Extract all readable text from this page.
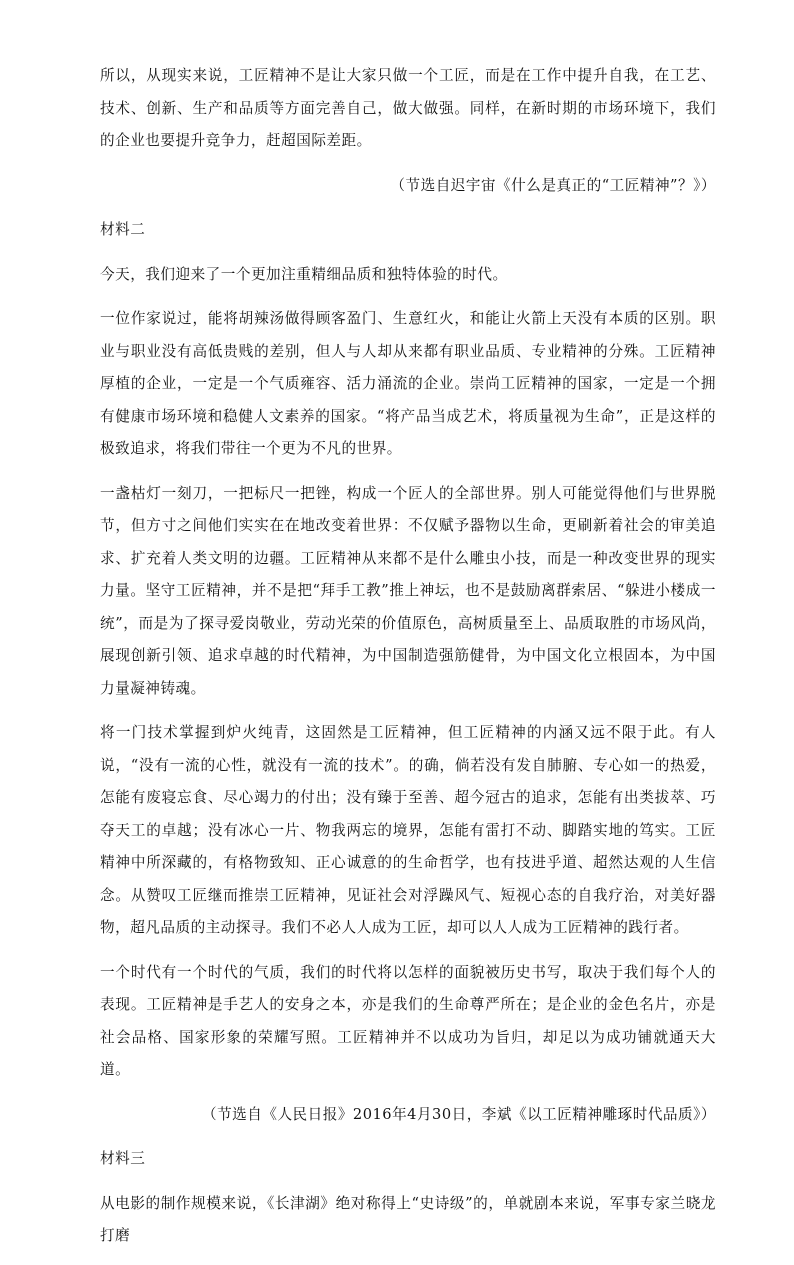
所以，从现实来说，工匠精神不是让大家只做一个工匠，而是在工作中提升自我，在工艺、技术、创新、生产和品质等方面完善自己，做大做强。同样，在新时期的市场环境下，我们的企业也要提升竞争力，赶超国际差距。

（节选自迟宇宙《什么是真正的“工匠精神”？》）

材料二

今天，我们迎来了一个更加注重精细品质和独特体验的时代。

一位作家说过，能将胡辣汤做得顾客盈门、生意红火，和能让火箭上天没有本质的区别。职业与职业没有高低贵贱的差别，但人与人却从来都有职业品质、专业精神的分殊。工匠精神厚植的企业，一定是一个气质雍容、活力涌流的企业。崇尚工匠精神的国家，一定是一个拥有健康市场环境和稳健人文素养的国家。“将产品当成艺术，将质量视为生命”，正是这样的极致追求，将我们带往一个更为不凡的世界。

一盏枯灯一刻刀，一把标尺一把锉，构成一个匠人的全部世界。别人可能觉得他们与世界脱节，但方寸之间他们实实在在地改变着世界：不仅赋予器物以生命，更刷新着社会的审美追求、扩充着人类文明的边疆。工匠精神从来都不是什么雕虫小技，而是一种改变世界的现实力量。坚守工匠精神，并不是把“拜手工教”推上神坛，也不是鼓励离群索居、“躲进小楼成一统”，而是为了探寻爱岗敬业，劳动光荣的价值原色，高树质量至上、品质取胜的市场风尚，展现创新引领、追求卓越的时代精神，为中国制造强筋健骨，为中国文化立根固本，为中国力量凝神铸魂。

将一门技术掌握到炉火纯青，这固然是工匠精神，但工匠精神的内涵又远不限于此。有人说，“没有一流的心性，就没有一流的技术”。的确，倘若没有发自肺腑、专心如一的热爱，怎能有废寝忘食、尽心竭力的付出；没有臻于至善、超今冠古的追求，怎能有出类拔萃、巧夺天工的卓越；没有冰心一片、物我两忘的境界，怎能有雷打不动、脚踏实地的笃实。工匠精神中所深藏的，有格物致知、正心诚意的的生命哲学，也有技进乎道、超然达观的人生信念。从赞叹工匠继而推崇工匠精神，见证社会对浮躁风气、短视心态的自我疗治，对美好器物，超凡品质的主动探寻。我们不必人人成为工匠，却可以人人成为工匠精神的践行者。

一个时代有一个时代的气质，我们的时代将以怎样的面貌被历史书写，取决于我们每个人的表现。工匠精神是手艺人的安身之本，亦是我们的生命尊严所在；是企业的金色名片，亦是社会品格、国家形象的荣耀写照。工匠精神并不以成功为旨归，却足以为成功铺就通天大道。

（节选自《人民日报》2016年4月30日，李斌《以工匠精神雕琢时代品质》）

材料三

从电影的制作规模来说，《长津湖》绝对称得上“史诗级”的，单就剧本来说，军事专家兰晓龙打磨
